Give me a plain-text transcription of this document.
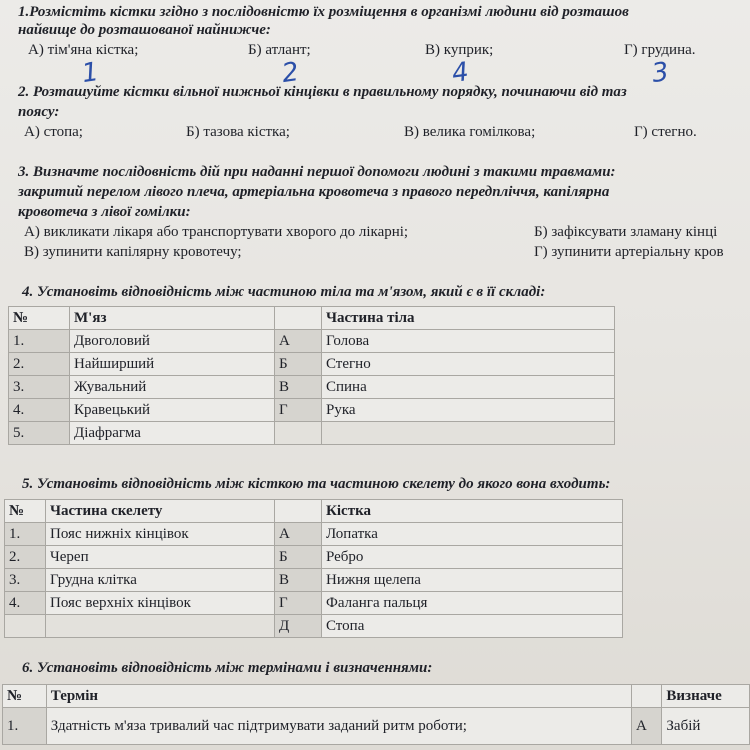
1.Розмістіть кістки згідно з послідовністю їх розміщення в організмі людини від розташов
найвище до розташованої найнижче:
А) тім'яна кістка;	Б) атлант;	В) куприк;	Г) грудина.
1	2	4	3
2. Розташуйте кістки вільної нижньої кінцівки в правильному порядку, починаючи від таз
поясу:
А) стопа;	Б) тазова кістка;	В) велика гомілкова;	Г) стегно.
3. Визначте послідовність дій при наданні першої допомоги людині з такими травмами:
закритий перелом лівого плеча, артеріальна кровотеча з правого передпліччя, капілярна
кровотеча з лівої гомілки:
А) викликати лікаря або транспортувати хворого до лікарні;	Б) зафіксувати зламану кінці
В) зупинити капілярну кровотечу;	Г) зупинити артеріальну кров
4. Установіть відповідність між частиною тіла та м'язом, який є в її складі:
№	М'яз		Частина тіла
1.	Двоголовий	А	Голова
2.	Найширший	Б	Стегно
3.	Жувальний	В	Спина
4.	Кравецький	Г	Рука
5.	Діафрагма		
5. Установіть відповідність між кісткою та частиною скелету до якого вона входить:
№	Частина скелету		Кістка
1.	Пояс нижніх кінцівок	А	Лопатка
2.	Череп	Б	Ребро
3.	Грудна клітка	В	Нижня щелепа
4.	Пояс верхніх кінцівок	Г	Фаланга пальця
		Д	Стопа
6. Установіть відповідність між термінами і визначеннями:
№	Термін		Визначе
1.	Здатність м'яза тривалий час підтримувати заданий ритм роботи;	А	Забій
